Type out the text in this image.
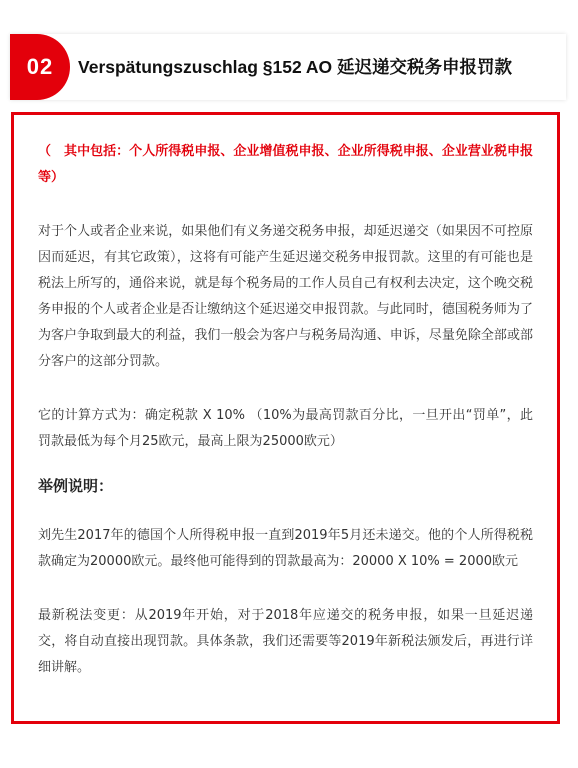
02	Verspätungszuschlag §152 AO 延迟递交税务申报罚款

（　其中包括：个人所得税申报、企业增值税申报、企业所得税申报、企业营业税申报等）

对于个人或者企业来说，如果他们有义务递交税务申报，却延迟递交（如果因不可控原因而延迟，有其它政策），这将有可能产生延迟递交税务申报罚款。这里的有可能也是税法上所写的，通俗来说，就是每个税务局的工作人员自己有权利去决定，这个晚交税务申报的个人或者企业是否让缴纳这个延迟递交申报罚款。与此同时，德国税务师为了为客户争取到最大的利益，我们一般会为客户与税务局沟通、申诉，尽量免除全部或部分客户的这部分罚款。

它的计算方式为：确定税款 X 10% （10%为最高罚款百分比，一旦开出“罚单”，此罚款最低为每个月25欧元，最高上限为25000欧元）

举例说明：

刘先生2017年的德国个人所得税申报一直到2019年5月还未递交。他的个人所得税税款确定为20000欧元。最终他可能得到的罚款最高为：20000 X 10% = 2000欧元

最新税法变更：从2019年开始，对于2018年应递交的税务申报，如果一旦延迟递交，将自动直接出现罚款。具体条款，我们还需要等2019年新税法颁发后，再进行详细讲解。
